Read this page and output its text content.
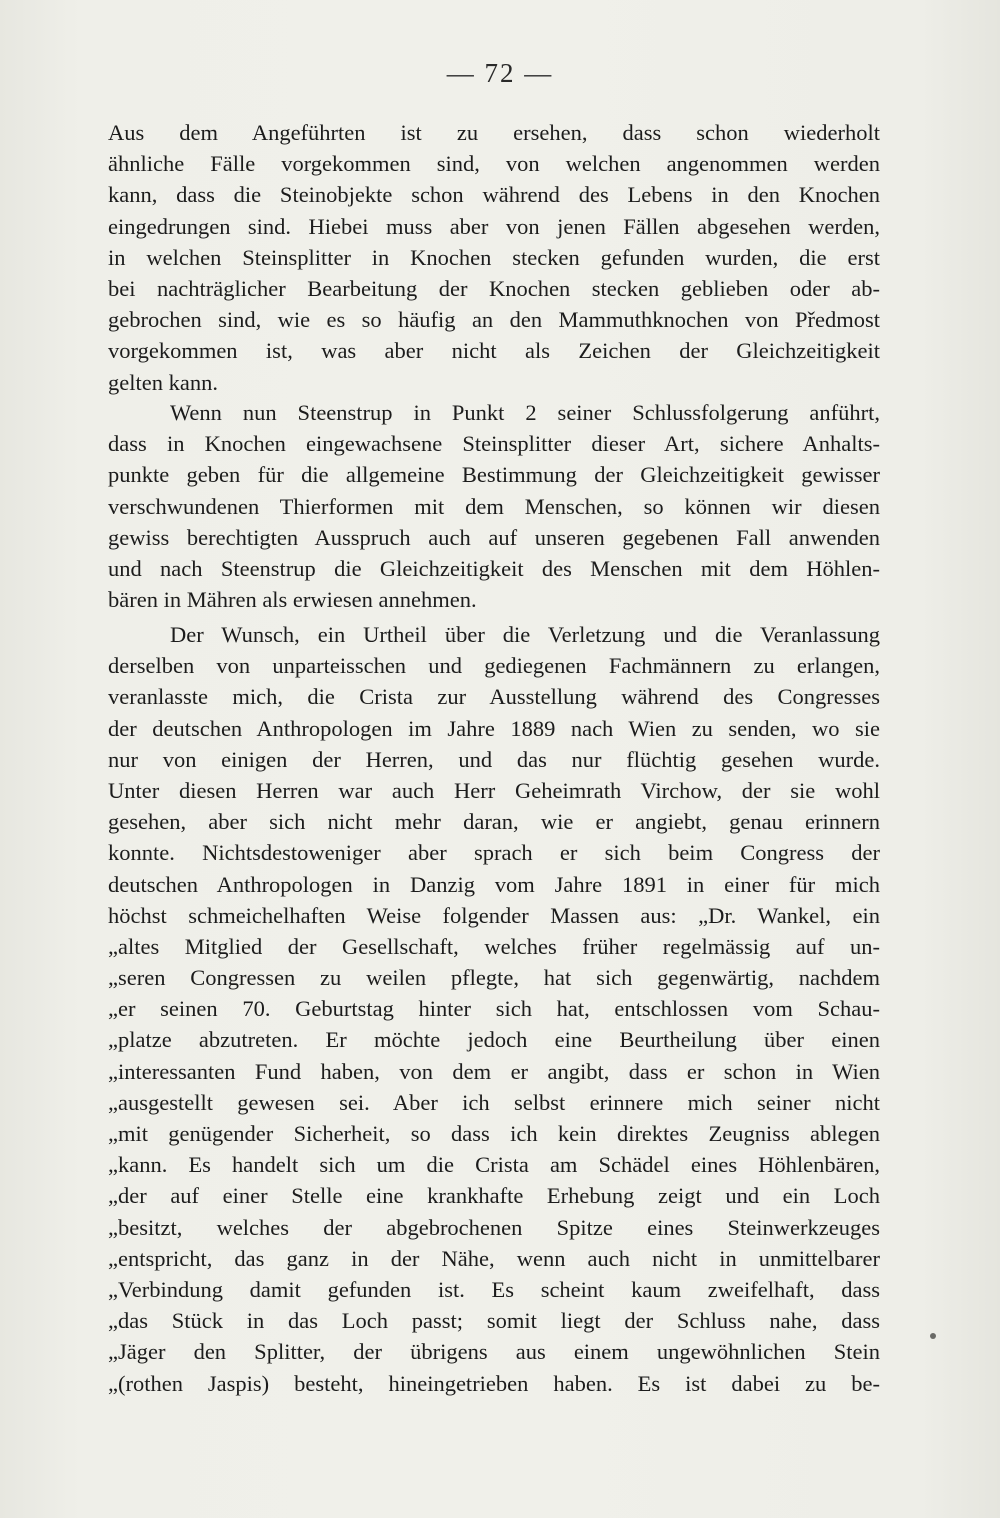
— 72 —
Aus dem Angeführten ist zu ersehen, dass schon wiederholt
ähnliche Fälle vorgekommen sind, von welchen angenommen werden
kann, dass die Steinobjekte schon während des Lebens in den Knochen
eingedrungen sind. Hiebei muss aber von jenen Fällen abgesehen werden,
in welchen Steinsplitter in Knochen stecken gefunden wurden, die erst
bei nachträglicher Bearbeitung der Knochen stecken geblieben oder ab-
gebrochen sind, wie es so häufig an den Mammuthknochen von Předmost
vorgekommen ist, was aber nicht als Zeichen der Gleichzeitigkeit
gelten kann.
Wenn nun Steenstrup in Punkt 2 seiner Schlussfolgerung anführt,
dass in Knochen eingewachsene Steinsplitter dieser Art, sichere Anhalts-
punkte geben für die allgemeine Bestimmung der Gleichzeitigkeit gewisser
verschwundenen Thierformen mit dem Menschen, so können wir diesen
gewiss berechtigten Ausspruch auch auf unseren gegebenen Fall anwenden
und nach Steenstrup die Gleichzeitigkeit des Menschen mit dem Höhlen-
bären in Mähren als erwiesen annehmen.
Der Wunsch, ein Urtheil über die Verletzung und die Veranlassung
derselben von unparteisschen und gediegenen Fachmännern zu erlangen,
veranlasste mich, die Crista zur Ausstellung während des Congresses
der deutschen Anthropologen im Jahre 1889 nach Wien zu senden, wo sie
nur von einigen der Herren, und das nur flüchtig gesehen wurde.
Unter diesen Herren war auch Herr Geheimrath Virchow, der sie wohl
gesehen, aber sich nicht mehr daran, wie er angiebt, genau erinnern
konnte. Nichtsdestoweniger aber sprach er sich beim Congress der
deutschen Anthropologen in Danzig vom Jahre 1891 in einer für mich
höchst schmeichelhaften Weise folgender Massen aus: „Dr. Wankel, ein
„altes Mitglied der Gesellschaft, welches früher regelmässig auf un-
„seren Congressen zu weilen pflegte, hat sich gegenwärtig, nachdem
„er seinen 70. Geburtstag hinter sich hat, entschlossen vom Schau-
„platze abzutreten. Er möchte jedoch eine Beurtheilung über einen
„interessanten Fund haben, von dem er angibt, dass er schon in Wien
„ausgestellt gewesen sei. Aber ich selbst erinnere mich seiner nicht
„mit genügender Sicherheit, so dass ich kein direktes Zeugniss ablegen
„kann. Es handelt sich um die Crista am Schädel eines Höhlenbären,
„der auf einer Stelle eine krankhafte Erhebung zeigt und ein Loch
„besitzt, welches der abgebrochenen Spitze eines Steinwerkzeuges
„entspricht, das ganz in der Nähe, wenn auch nicht in unmittelbarer
„Verbindung damit gefunden ist. Es scheint kaum zweifelhaft, dass
„das Stück in das Loch passt; somit liegt der Schluss nahe, dass
„Jäger den Splitter, der übrigens aus einem ungewöhnlichen Stein
„(rothen Jaspis) besteht, hineingetrieben haben. Es ist dabei zu be-
